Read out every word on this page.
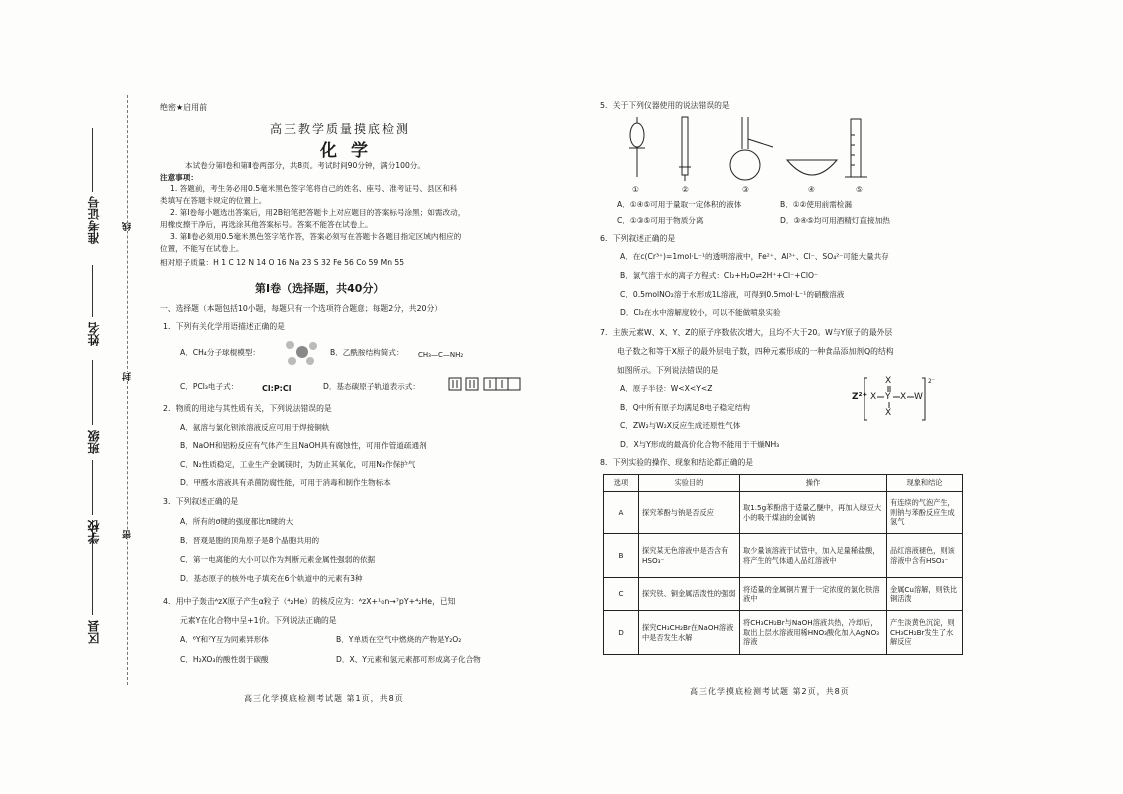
区县
学校
班级
姓名
准考证号
密
封
线
绝密★启用前
高三教学质量摸底检测
化学
本试卷分第Ⅰ卷和第Ⅱ卷两部分，共8页。考试时间90分钟，满分100分。
注意事项：
1. 答题前，考生务必用0.5毫米黑色签字笔将自己的姓名、座号、准考证号、县区和科
类填写在答题卡规定的位置上。
2. 第Ⅰ卷每小题选出答案后，用2B铅笔把答题卡上对应题目的答案标号涂黑；如需改动，
用橡皮擦干净后，再选涂其他答案标号。答案不能答在试卷上。
3. 第Ⅱ卷必须用0.5毫米黑色签字笔作答，答案必须写在答题卡各题目指定区域内相应的
位置，不能写在试卷上。
相对原子质量：H 1 C 12 N 14 O 16 Na 23 S 32 Fe 56 Co 59 Mn 55
第Ⅰ卷（选择题，共40分）
一、选择题（本题包括10小题，每题只有一个选项符合题意；每题2分，共20分）
1．下列有关化学用语描述正确的是
A．CH₄分子球棍模型：	B．乙酰胺结构简式： CH₃—C—NH₂
C．PCl₃电子式：	Cl:P:Cl	D．基态碳原子轨道表示式：
2．物质的用途与其性质有关，下列说法错误的是
A．氨溶与氯化钡浓溶液反应可用于焊接铜轨
B．NaOH和铝粉反应有气体产生且NaOH具有腐蚀性，可用作管道疏通剂
C．N₂性质稳定，工业生产金属镁时，为防止其氧化，可用N₂作保护气
D．甲醛水溶液具有杀菌防腐性能，可用于消毒和制作生物标本
3．下列叙述正确的是
A．所有的σ键的强度都比π键的大
B．晋观是胞的顶角原子是8个晶胞共用的
C．第一电离能的大小可以作为判断元素金属性强弱的依据
D．基态原子的核外电子填充在6个轨道中的元素有3种
4．用中子轰击ᴬzX原子产生α粒子（⁴₂He）的核反应为：ᴬzX+¹₀n→⁷pY+⁴₂He，已知
元素Y在化合物中呈+1价。下列说法正确的是
A．⁶Y和⁷Y互为同素异形体	B．Y单质在空气中燃烧的产物是Y₂O₂
C．H₂XO₃的酸性弱于碳酸	D．X、Y元素和氢元素都可形成离子化合物
高三化学摸底检测考试题 第1页，共8页
5．关于下列仪器使用的说法错误的是
①	②	③	④	⑤
A．①④⑤可用于量取一定体积的液体	B．①②使用前需检漏
C．①③⑤可用于物质分离	D．③④⑤均可用酒精灯直接加热
6．下列叙述正确的是
A．在c(Cr³⁺)=1mol·L⁻¹的透明溶液中，Fe²⁺、Al³⁺、Cl⁻、SO₄²⁻可能大量共存
B．氯气溶于水的离子方程式：Cl₂+H₂O⇌2H⁺+Cl⁻+ClO⁻
C．0.5molNO₂溶于水形成1L溶液，可得到0.5mol·L⁻¹的硝酸溶液
D．Cl₂在水中溶解度较小，可以不能做喷泉实验
7．主族元素W、X、Y、Z的原子序数依次增大，且均不大于20。W与Y原子的最外层
电子数之和等于X原子的最外层电子数，四种元素形成的一种食品添加剂Q的结构
如图所示。下列说法错误的是
A．原子半径：W<X<Y<Z
B．Q中所有原子均满足8电子稳定结构
C．ZW₂与W₂X反应生成还原性气体
D．X与Y形成的最高价化合物不能用于干燥NH₃
Z²⁺ X Y
X
X
X W
2⁻
8．下列实验的操作、现象和结论都正确的是
选项	实验目的	操作	现象和结论
A	探究苯酚与钠是否反应	取1.5g苯酚溶于适量乙醚中，再加入绿豆大小的吸干煤油的金属钠	有连续的气泡产生，则钠与苯酚反应生成氢气
B	探究某无色溶液中是否含有HSO₃⁻	取少量该溶液于试管中，加入足量稀盐酸，将产生的气体通入品红溶液中	品红溶液褪色，则该溶液中含有HSO₃⁻
C	探究铁、铜金属活泼性的强弱	将适量的金属铜片置于一定浓度的氯化铁溶液中	金属Cu溶解，则铁比铜活泼
D	探究CH₃CH₂Br在NaOH溶液中是否发生水解	将CH₃CH₂Br与NaOH溶液共热，冷却后，取出上层水溶液用稀HNO₃酸化加入AgNO₃溶液	产生淡黄色沉淀，则CH₃CH₂Br发生了水解反应
高三化学摸底检测考试题 第2页，共8页
